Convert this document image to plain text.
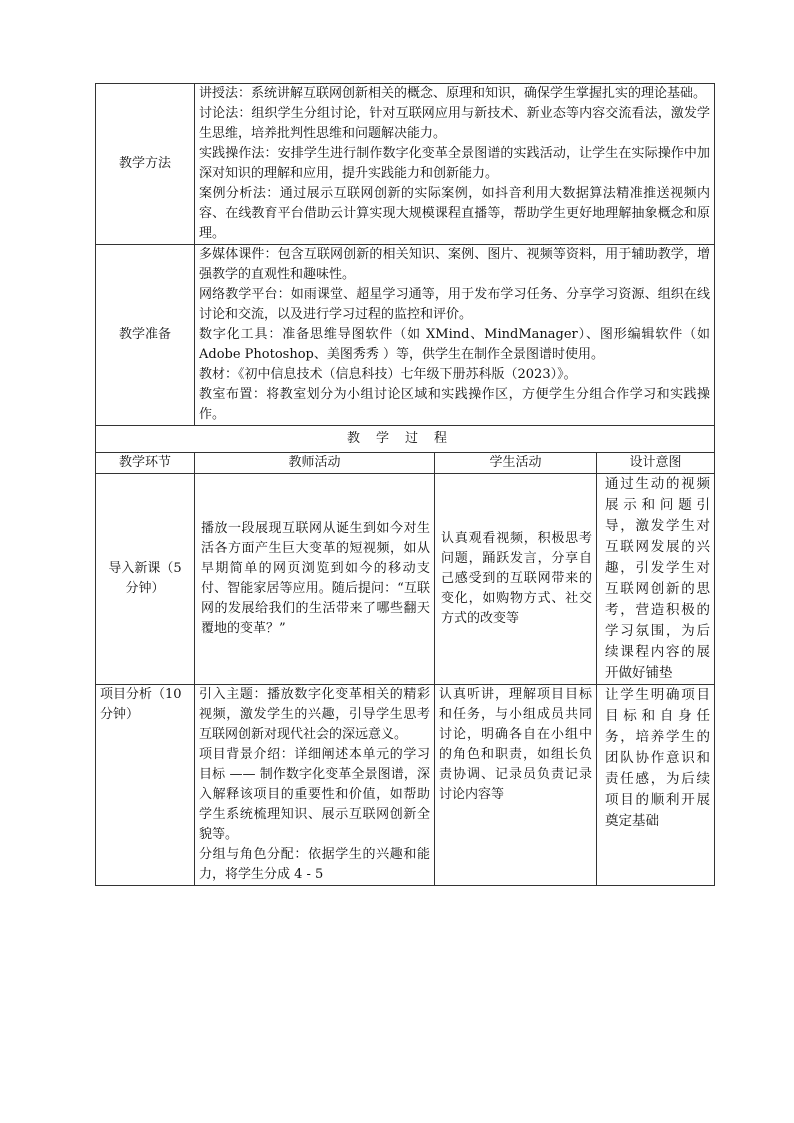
教学方法	讲授法：系统讲解互联网创新相关的概念、原理和知识，确保学生掌握扎实的理论基础。

讨论法：组织学生分组讨论，针对互联网应用与新技术、新业态等内容交流看法，激发学生思维，培养批判性思维和问题解决能力。

实践操作法：安排学生进行制作数字化变革全景图谱的实践活动，让学生在实际操作中加深对知识的理解和应用，提升实践能力和创新能力。

案例分析法：通过展示互联网创新的实际案例，如抖音利用大数据算法精准推送视频内容、在线教育平台借助云计算实现大规模课程直播等，帮助学生更好地理解抽象概念和原理。		

教学准备	多媒体课件：包含互联网创新的相关知识、案例、图片、视频等资料，用于辅助教学，增强教学的直观性和趣味性。

网络教学平台：如雨课堂、超星学习通等，用于发布学习任务、分享学习资源、组织在线讨论和交流，以及进行学习过程的监控和评价。

数字化工具：准备思维导图软件（如 XMind、MindManager）、图形编辑软件（如 Adobe Photoshop、美图秀秀 ）等，供学生在制作全景图谱时使用。

教材：《初中信息技术（信息科技）七年级下册苏科版（2023）》。

教室布置：将教室划分为小组讨论区域和实践操作区，方便学生分组合作学习和实践操作。		

教学过程			
教学环节	教师活动	学生活动	设计意图
导入新课（5 分钟）	播放一段展现互联网从诞生到如今对生活各方面产生巨大变革的短视频，如从早期简单的网页浏览到如今的移动支付、智能家居等应用。随后提问：“互联网的发展给我们的生活带来了哪些翻天覆地的变革？”	认真观看视频，积极思考问题，踊跃发言，分享自己感受到的互联网带来的变化，如购物方式、社交方式的改变等	通过生动的视频展示和问题引导，激发学生对互联网发展的兴趣，引发学生对互联网创新的思考，营造积极的学习氛围，为后续课程内容的展开做好铺垫
项目分析（10 分钟）	引入主题：播放数字化变革相关的精彩视频，激发学生的兴趣，引导学生思考互联网创新对现代社会的深远意义。

项目背景介绍：详细阐述本单元的学习目标 —— 制作数字化变革全景图谱，深入解释该项目的重要性和价值，如帮助学生系统梳理知识、展示互联网创新全貌等。

分组与角色分配：依据学生的兴趣和能力，将学生分成 4 - 5	认真听讲，理解项目目标和任务，与小组成员共同讨论，明确各自在小组中的角色和职责，如组长负责协调、记录员负责记录讨论内容等	让学生明确项目目标和自身任务，培养学生的团队协作意识和责任感，为后续项目的顺利开展奠定基础
